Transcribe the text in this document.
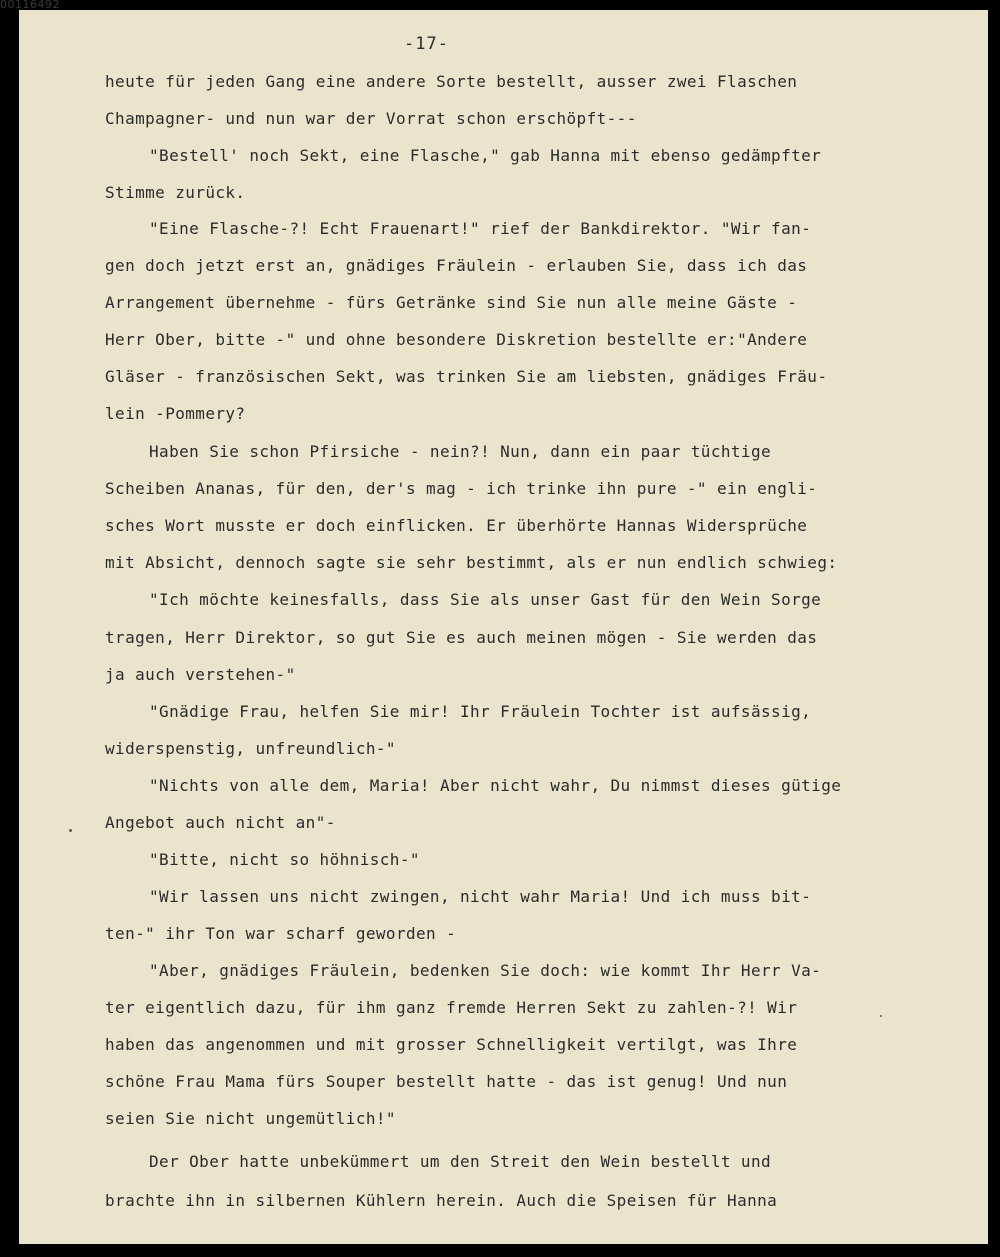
00116492
-17-
heute für jeden Gang eine andere Sorte bestellt, ausser zwei Flaschen
Champagner- und nun war der Vorrat schon erschöpft---
"Bestell' noch Sekt, eine Flasche," gab Hanna mit ebenso gedämpfter
Stimme zurück.
"Eine Flasche-?! Echt Frauenart!" rief der Bankdirektor. "Wir fan-
gen doch jetzt erst an, gnädiges Fräulein - erlauben Sie, dass ich das
Arrangement übernehme - fürs Getränke sind Sie nun alle meine Gäste -
Herr Ober, bitte -" und ohne besondere Diskretion bestellte er:"Andere
Gläser - französischen Sekt, was trinken Sie am liebsten, gnädiges Fräu-
lein -Pommery?
Haben Sie schon Pfirsiche - nein?! Nun, dann ein paar tüchtige
Scheiben Ananas, für den, der's mag - ich trinke ihn pure -" ein engli-
sches Wort musste er doch einflicken. Er überhörte Hannas Widersprüche
mit Absicht, dennoch sagte sie sehr bestimmt, als er nun endlich schwieg:
"Ich möchte keinesfalls, dass Sie als unser Gast für den Wein Sorge
tragen, Herr Direktor, so gut Sie es auch meinen mögen - Sie werden das
ja auch verstehen-"
"Gnädige Frau, helfen Sie mir! Ihr Fräulein Tochter ist aufsässig,
widerspenstig, unfreundlich-"
"Nichts von alle dem, Maria! Aber nicht wahr, Du nimmst dieses gütige
Angebot auch nicht an"-
"Bitte, nicht so höhnisch-"
"Wir lassen uns nicht zwingen, nicht wahr Maria! Und ich muss bit-
ten-" ihr Ton war scharf geworden -
"Aber, gnädiges Fräulein, bedenken Sie doch: wie kommt Ihr Herr Va-
ter eigentlich dazu, für ihm ganz fremde Herren Sekt zu zahlen-?! Wir
haben das angenommen und mit grosser Schnelligkeit vertilgt, was Ihre
schöne Frau Mama fürs Souper bestellt hatte - das ist genug! Und nun
seien Sie nicht ungemütlich!"
Der Ober hatte unbekümmert um den Streit den Wein bestellt und
brachte ihn in silbernen Kühlern herein. Auch die Speisen für Hanna
